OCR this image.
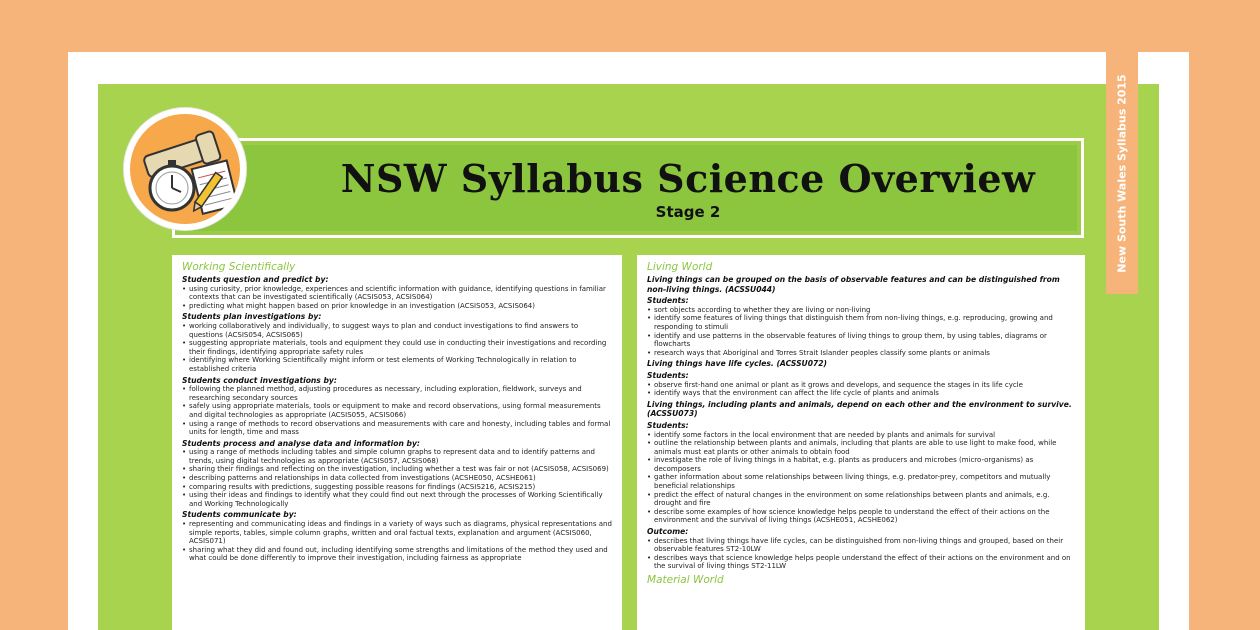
New South Wales Syllabus 2015
NSW Syllabus Science Overview
Stage 2
Working Scientifically
Students question and predict by:
• using curiosity, prior knowledge, experiences and scientific information with guidance, identifying questions in familiar contexts that can be investigated scientifically (ACSIS053, ACSIS064)
• predicting what might happen based on prior knowledge in an investigation (ACSIS053, ACSIS064)
Students plan investigations by:
• working collaboratively and individually, to suggest ways to plan and conduct investigations to find answers to questions (ACSIS054, ACSIS065)
• suggesting appropriate materials, tools and equipment they could use in conducting their investigations and recording their findings, identifying appropriate safety rules
• identifying where Working Scientifically might inform or test elements of Working Technologically in relation to established criteria
Students conduct investigations by:
• following the planned method, adjusting procedures as necessary, including exploration, fieldwork, surveys and researching secondary sources
• safely using appropriate materials, tools or equipment to make and record observations, using formal measurements and digital technologies as appropriate (ACSIS055, ACSIS066)
• using a range of methods to record observations and measurements with care and honesty, including tables and formal units for length, time and mass
Students process and analyse data and information by:
• using a range of methods including tables and simple column graphs to represent data and to identify patterns and trends, using digital technologies as appropriate (ACSIS057, ACSIS068)
• sharing their findings and reflecting on the investigation, including whether a test was fair or not (ACSIS058, ACSIS069)
• describing patterns and relationships in data collected from investigations (ACSHE050, ACSHE061)
• comparing results with predictions, suggesting possible reasons for findings (ACSIS216, ACSIS215)
• using their ideas and findings to identify what they could find out next through the processes of Working Scientifically and Working Technologically
Students communicate by:
• representing and communicating ideas and findings in a variety of ways such as diagrams, physical representations and simple reports, tables, simple column graphs, written and oral factual texts, explanation and argument (ACSIS060, ACSIS071)
• sharing what they did and found out, including identifying some strengths and limitations of the method they used and what could be done differently to improve their investigation, including fairness as appropriate
Living World
Living things can be grouped on the basis of observable features and can be distinguished from non-living things. (ACSSU044)
Students:
• sort objects according to whether they are living or non-living
• identify some features of living things that distinguish them from non-living things, e.g. reproducing, growing and responding to stimuli
• identify and use patterns in the observable features of living things to group them, by using tables, diagrams or flowcharts
• research ways that Aboriginal and Torres Strait Islander peoples classify some plants or animals
Living things have life cycles. (ACSSU072)
Students:
• observe first-hand one animal or plant as it grows and develops, and sequence the stages in its life cycle
• identify ways that the environment can affect the life cycle of plants and animals
Living things, including plants and animals, depend on each other and the environment to survive. (ACSSU073)
Students:
• identify some factors in the local environment that are needed by plants and animals for survival
• outline the relationship between plants and animals, including that plants are able to use light to make food, while animals must eat plants or other animals to obtain food
• investigate the role of living things in a habitat, e.g. plants as producers and microbes (micro-organisms) as decomposers
• gather information about some relationships between living things, e.g. predator-prey, competitors and mutually beneficial relationships
• predict the effect of natural changes in the environment on some relationships between plants and animals, e.g. drought and fire
• describe some examples of how science knowledge helps people to understand the effect of their actions on the environment and the survival of living things (ACSHE051, ACSHE062)
Outcome:
• describes that living things have life cycles, can be distinguished from non-living things and grouped, based on their observable features ST2-10LW
• describes ways that science knowledge helps people understand the effect of their actions on the environment and on the survival of living things ST2-11LW
Material World
